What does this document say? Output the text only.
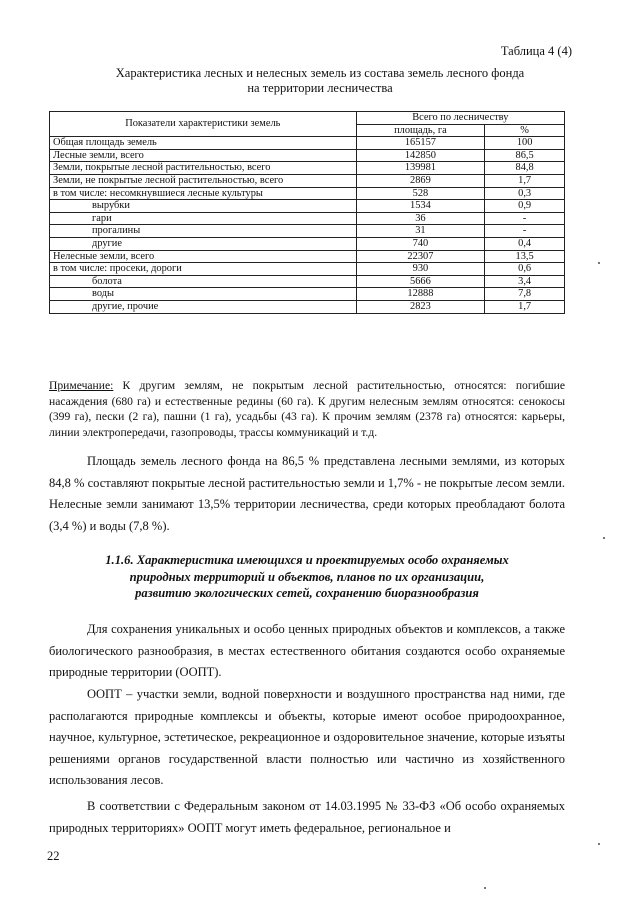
Таблица 4 (4)
Характеристика лесных и нелесных земель из состава земель лесного фонда
на территории лесничества
Показатели характеристики земель	Всего по лесничеству	
	площадь, га	%
Общая площадь земель	165157	100
Лесные земли, всего	142850	86,5
Земли, покрытые лесной растительностью, всего	139981	84,8
Земли, не покрытые лесной растительностью, всего	2869	1,7
в том числе: несомкнувшиеся лесные культуры	528	0,3
вырубки	1534	0,9
гари	36	-
прогалины	31	-
другие	740	0,4
Нелесные земли, всего	22307	13,5
в том числе: просеки, дороги	930	0,6
болота	5666	3,4
воды	12888	7,8
другие, прочие	2823	1,7
Примечание: К другим землям, не покрытым лесной растительностью, относятся: погибшие насаждения (680 га) и естественные редины (60 га). К другим нелесным землям относятся: сенокосы (399 га), пески (2 га), пашни (1 га), усадьбы (43 га). К прочим землям (2378 га) относятся: карьеры, линии электропередачи, газопроводы, трассы коммуникаций и т.д.
Площадь земель лесного фонда на 86,5 % представлена лесными землями, из которых 84,8 % составляют покрытые лесной растительностью земли и 1,7% - не покрытые лесом земли. Нелесные земли занимают 13,5% территории лесничества, среди которых преобладают болота (3,4 %) и воды (7,8 %).
1.1.6. Характеристика имеющихся и проектируемых особо охраняемых
природных территорий и объектов, планов по их организации,
развитию экологических сетей, сохранению биоразнообразия
Для сохранения уникальных и особо ценных природных объектов и комплексов, а также биологического разнообразия, в местах естественного обитания создаются особо охраняемые природные территории (ООПТ).
ООПТ – участки земли, водной поверхности и воздушного пространства над ними, где располагаются природные комплексы и объекты, которые имеют особое природоохранное, научное, культурное, эстетическое, рекреационное и оздоровительное значение, которые изъяты решениями органов государственной власти полностью или частично из хозяйственного использования лесов.
В соответствии с Федеральным законом от 14.03.1995 № 33-ФЗ «Об особо охраняемых природных территориях» ООПТ могут иметь федеральное, региональное и
22
